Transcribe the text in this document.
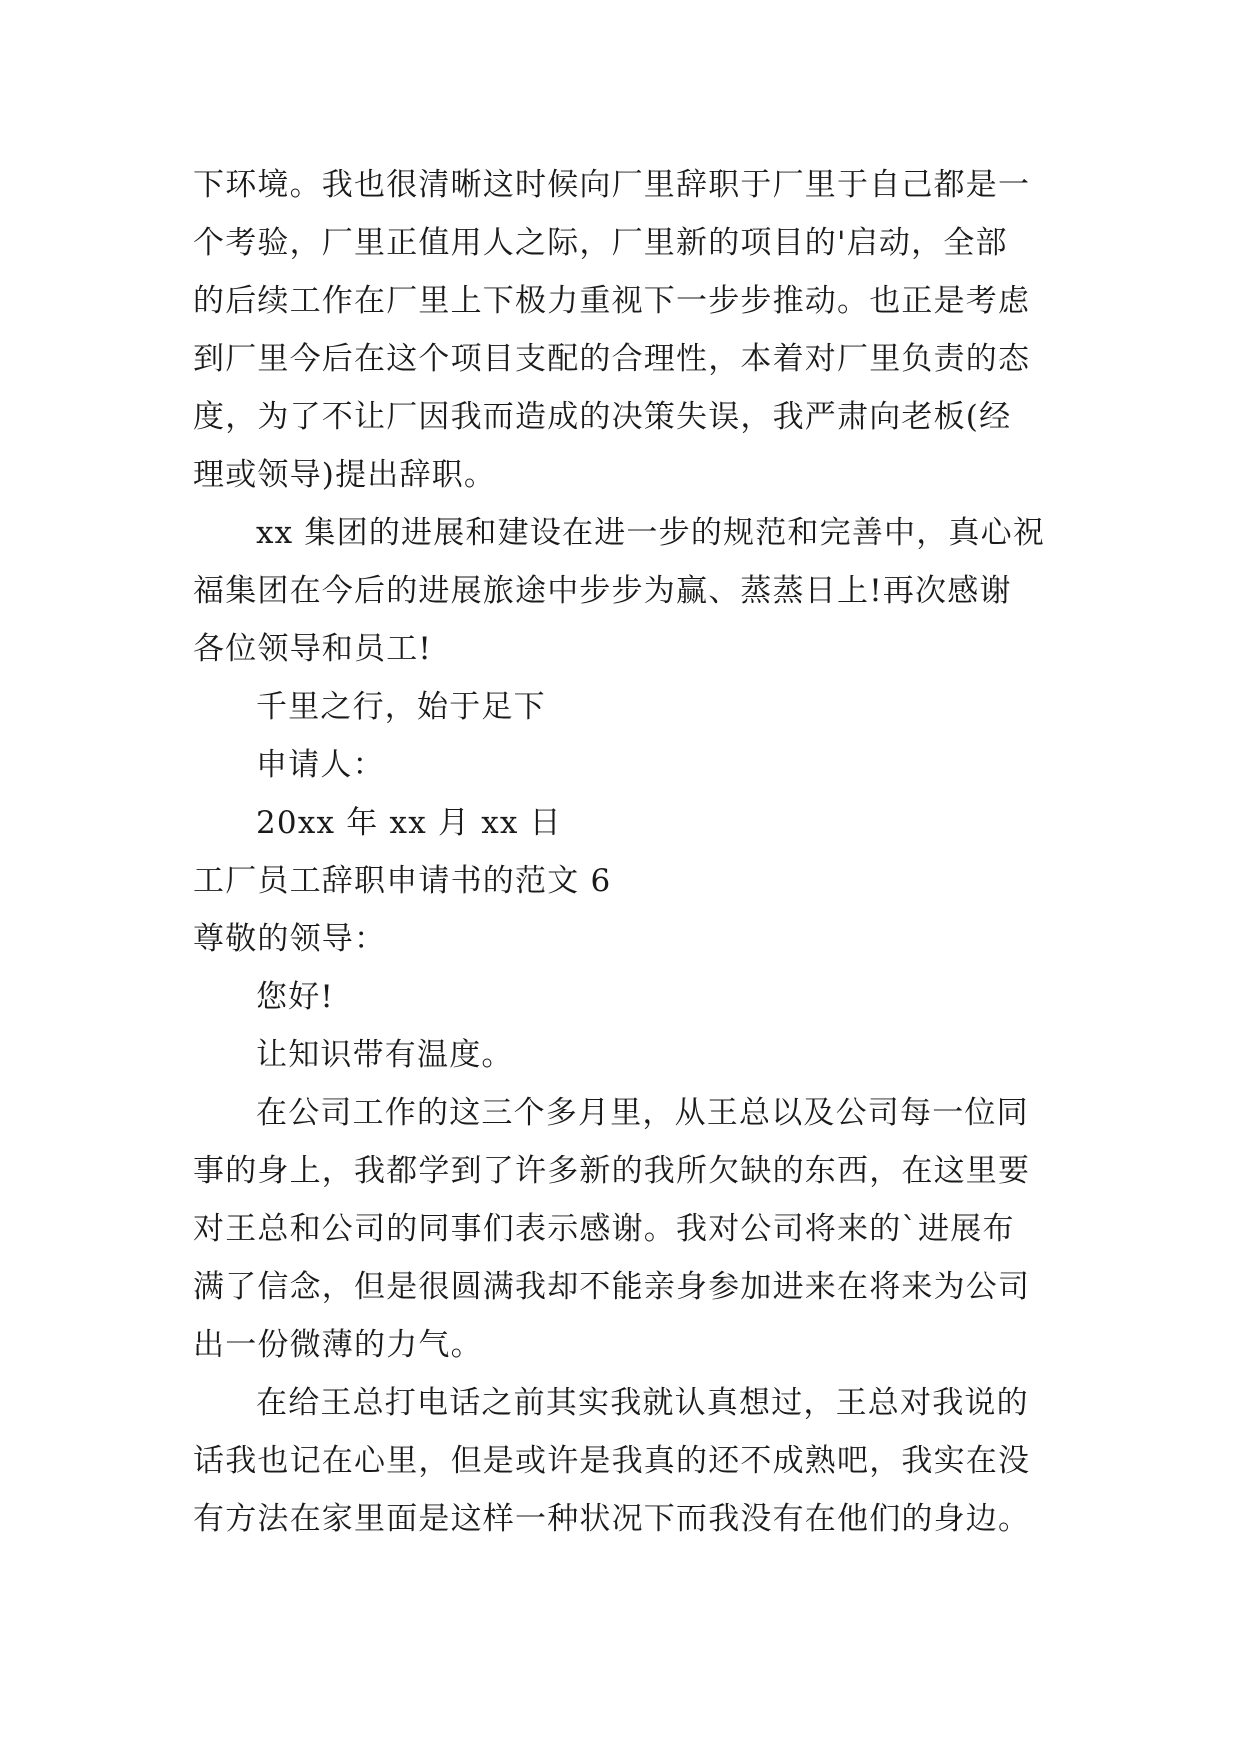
下环境。我也很清晰这时候向厂里辞职于厂里于自己都是一

个考验，厂里正值用人之际，厂里新的项目的'启动，全部

的后续工作在厂里上下极力重视下一步步推动。也正是考虑

到厂里今后在这个项目支配的合理性，本着对厂里负责的态

度，为了不让厂因我而造成的决策失误，我严肃向老板(经

理或领导)提出辞职。

xx 集团的进展和建设在进一步的规范和完善中，真心祝

福集团在今后的进展旅途中步步为赢、蒸蒸日上!再次感谢

各位领导和员工!

千里之行，始于足下

申请人：

20xx 年 xx 月 xx 日

工厂员工辞职申请书的范文 6

尊敬的领导：

您好!

让知识带有温度。

在公司工作的这三个多月里，从王总以及公司每一位同

事的身上，我都学到了许多新的我所欠缺的东西，在这里要

对王总和公司的同事们表示感谢。我对公司将来的`进展布

满了信念，但是很圆满我却不能亲身参加进来在将来为公司

出一份微薄的力气。

在给王总打电话之前其实我就认真想过，王总对我说的

话我也记在心里，但是或许是我真的还不成熟吧，我实在没

有方法在家里面是这样一种状况下而我没有在他们的身边。
